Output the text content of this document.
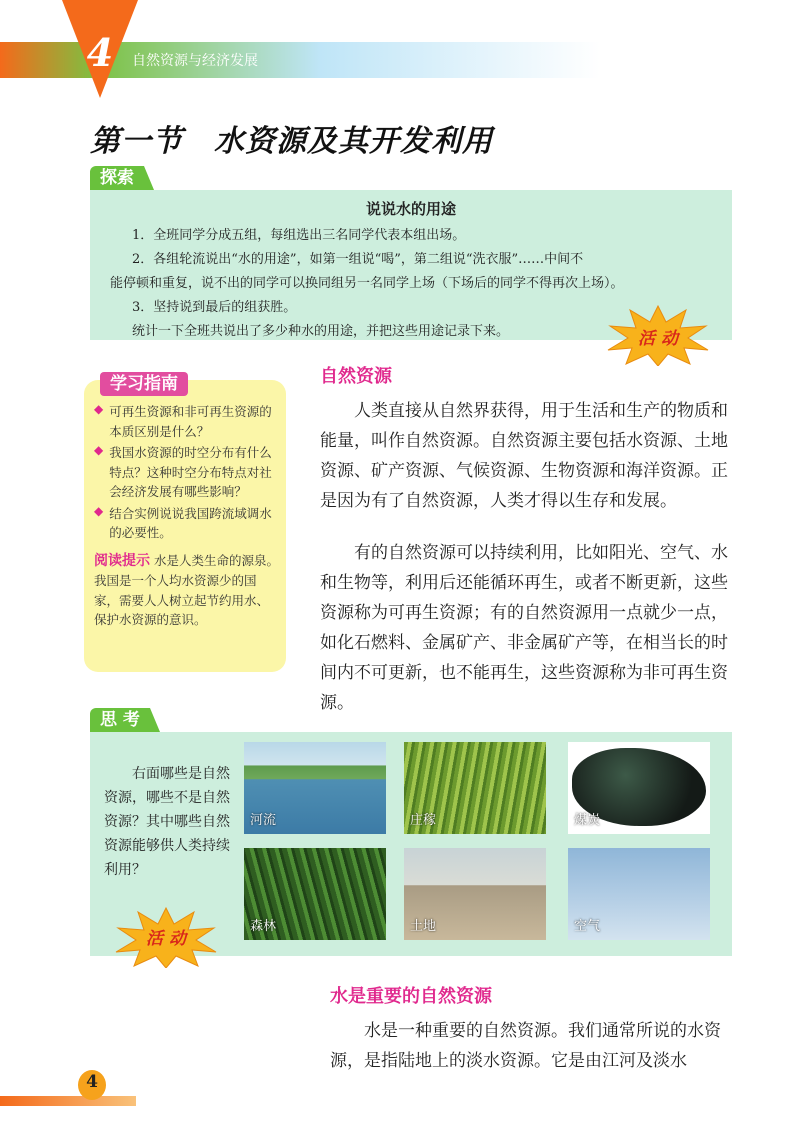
4	自然资源与经济发展
第一节　水资源及其开发利用
探索
说说水的用途
1．全班同学分成五组，每组选出三名同学代表本组出场。
2．各组轮流说出“水的用途”，如第一组说“喝”，第二组说“洗衣服”……中间不
能停顿和重复，说不出的同学可以换同组另一名同学上场（下场后的同学不得再次上场）。
3．坚持说到最后的组获胜。
统计一下全班共说出了多少种水的用途，并把这些用途记录下来。	活 动
学习指南
◆ 可再生资源和非可再生资源的本质区别是什么？
◆ 我国水资源的时空分布有什么特点？这种时空分布特点对社会经济发展有哪些影响？
◆ 结合实例说说我国跨流域调水的必要性。
阅读提示 水是人类生命的源泉。我国是一个人均水资源少的国家，需要人人树立起节约用水、保护水资源的意识。
自然资源
人类直接从自然界获得，用于生活和生产的物质和能量，叫作自然资源。自然资源主要包括水资源、土地资源、矿产资源、气候资源、生物资源和海洋资源。正是因为有了自然资源，人类才得以生存和发展。
有的自然资源可以持续利用，比如阳光、空气、水和生物等，利用后还能循环再生，或者不断更新，这些资源称为可再生资源；有的自然资源用一点就少一点，如化石燃料、金属矿产、非金属矿产等，在相当长的时间内不可更新，也不能再生，这些资源称为非可再生资源。
思 考
右面哪些是自然资源，哪些不是自然资源？其中哪些自然资源能够供人类持续利用？
活 动
河流	庄稼	煤炭
森林	土地	空气
水是重要的自然资源
水是一种重要的自然资源。我们通常所说的水资源，是指陆地上的淡水资源。它是由江河及淡水
4
